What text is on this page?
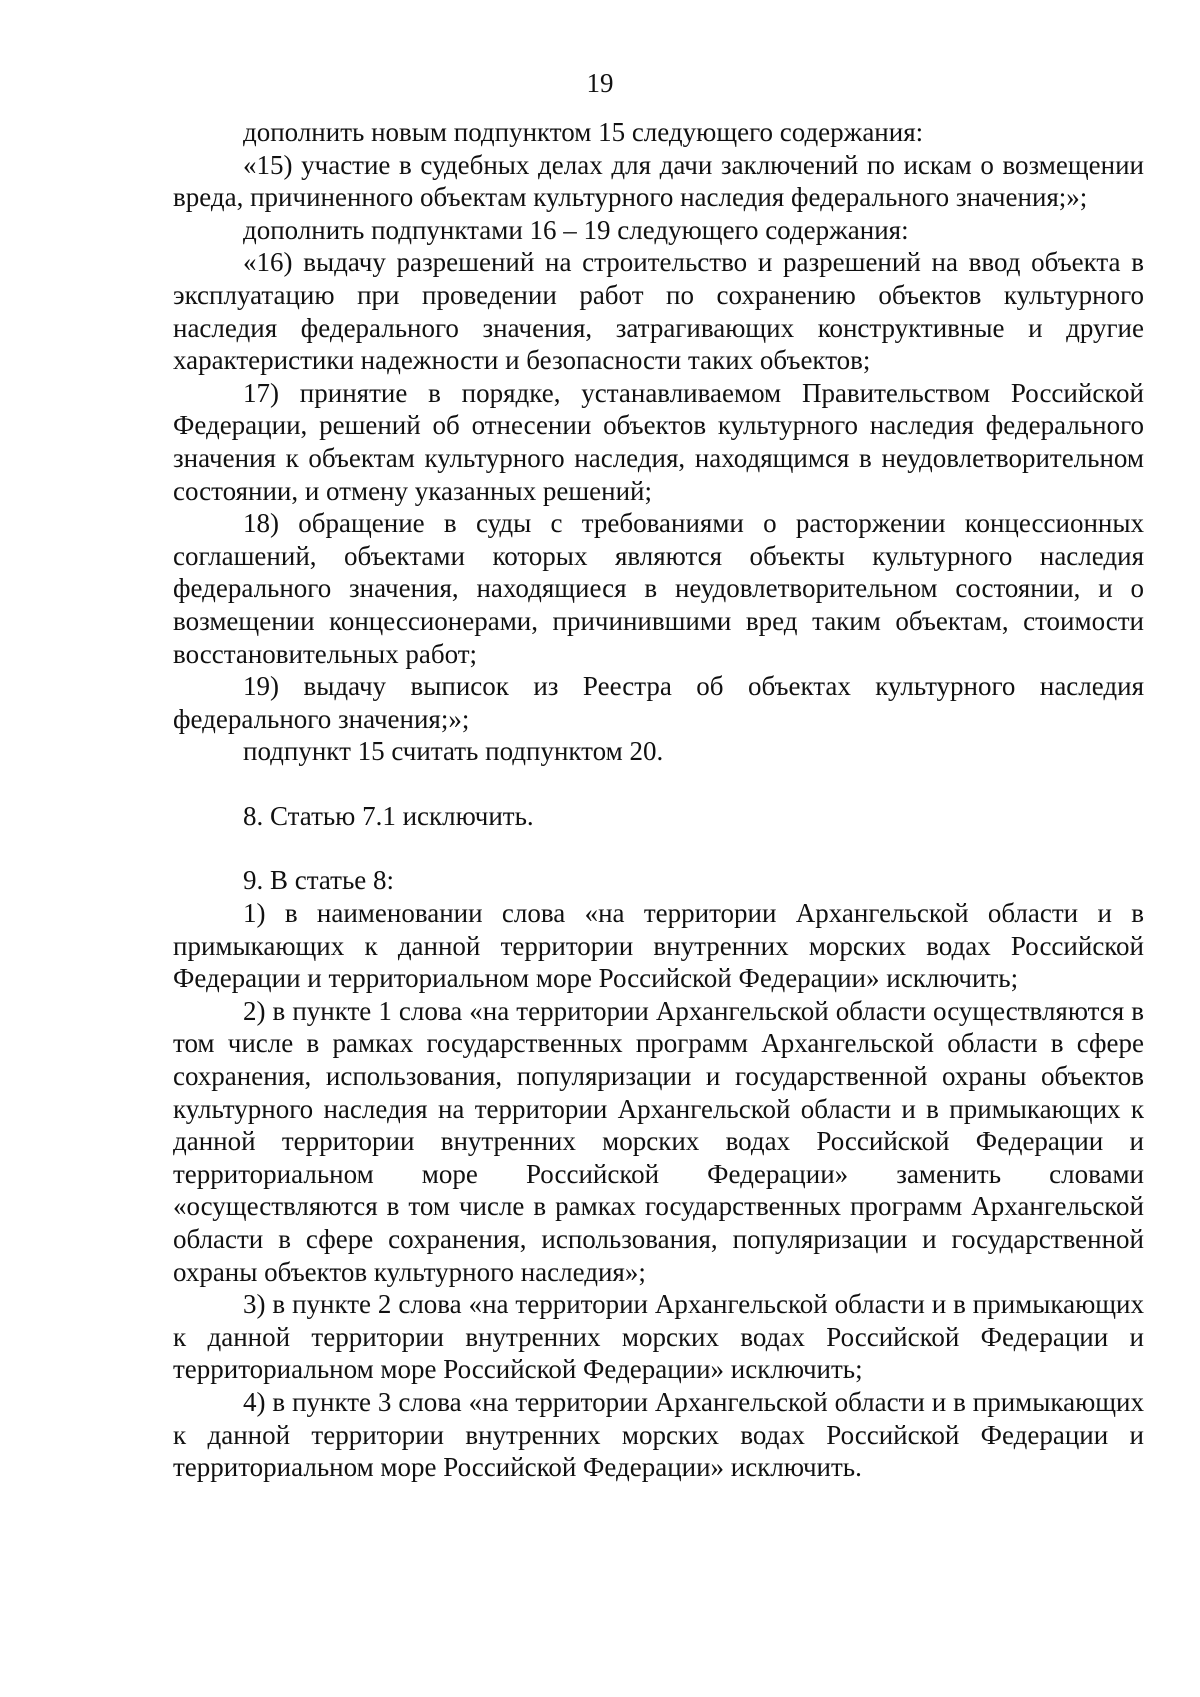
19

дополнить новым подпунктом 15 следующего содержания:

«15) участие в судебных делах для дачи заключений по искам о возмещении вреда, причиненного объектам культурного наследия федерального значения;»;

дополнить подпунктами 16 – 19 следующего содержания:

«16) выдачу разрешений на строительство и разрешений на ввод объекта в эксплуатацию при проведении работ по сохранению объектов культурного наследия федерального значения, затрагивающих конструктивные и другие характеристики надежности и безопасности таких объектов;

17) принятие в порядке, устанавливаемом Правительством Российской Федерации, решений об отнесении объектов культурного наследия федерального значения к объектам культурного наследия, находящимся в неудовлетворительном состоянии, и отмену указанных решений;

18) обращение в суды с требованиями о расторжении концессионных соглашений, объектами которых являются объекты культурного наследия федерального значения, находящиеся в неудовлетворительном состоянии, и о возмещении концессионерами, причинившими вред таким объектам, стоимости восстановительных работ;

19) выдачу выписок из Реестра об объектах культурного наследия федерального значения;»;

подпункт 15 считать подпунктом 20.

8. Статью 7.1 исключить.

9. В статье 8:

1) в наименовании слова «на территории Архангельской области и в примыкающих к данной территории внутренних морских водах Российской Федерации и территориальном море Российской Федерации» исключить;

2) в пункте 1 слова «на территории Архангельской области осуществляются в том числе в рамках государственных программ Архангельской области в сфере сохранения, использования, популяризации и государственной охраны объектов культурного наследия на территории Архангельской области и в примыкающих к данной территории внутренних морских водах Российской Федерации и территориальном море Российской Федерации» заменить словами «осуществляются в том числе в рамках государственных программ Архангельской области в сфере сохранения, использования, популяризации и государственной охраны объектов культурного наследия»;

3) в пункте 2 слова «на территории Архангельской области и в примыкающих к данной территории внутренних морских водах Российской Федерации и территориальном море Российской Федерации» исключить;

4) в пункте 3 слова «на территории Архангельской области и в примыкающих к данной территории внутренних морских водах Российской Федерации и территориальном море Российской Федерации» исключить.
